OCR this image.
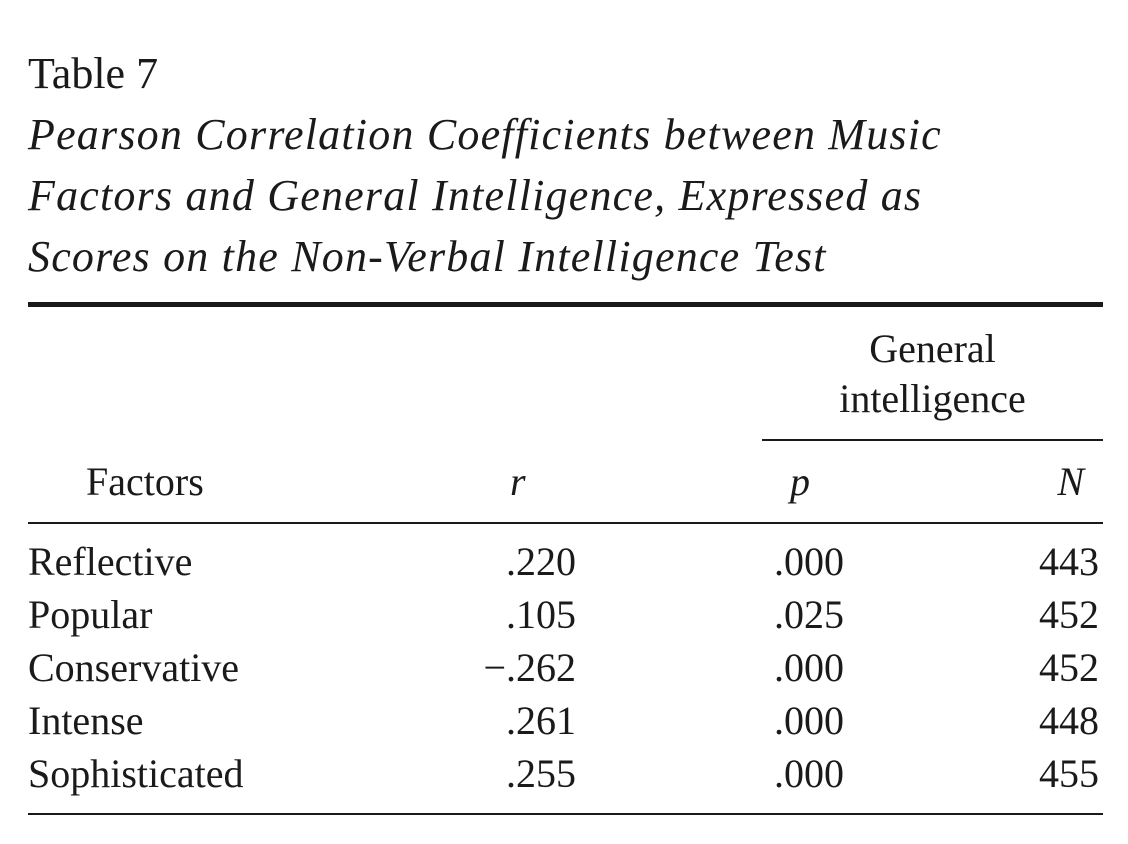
Table 7

Pearson Correlation Coefficients between Music
Factors and General Intelligence, Expressed as
Scores on the Non-Verbal Intelligence Test

General
intelligence
Factors	r	p	N
Reflective	.220	.000	443
Popular	.105	.025	452
Conservative	−.262	.000	452
Intense	.261	.000	448
Sophisticated	.255	.000	455
